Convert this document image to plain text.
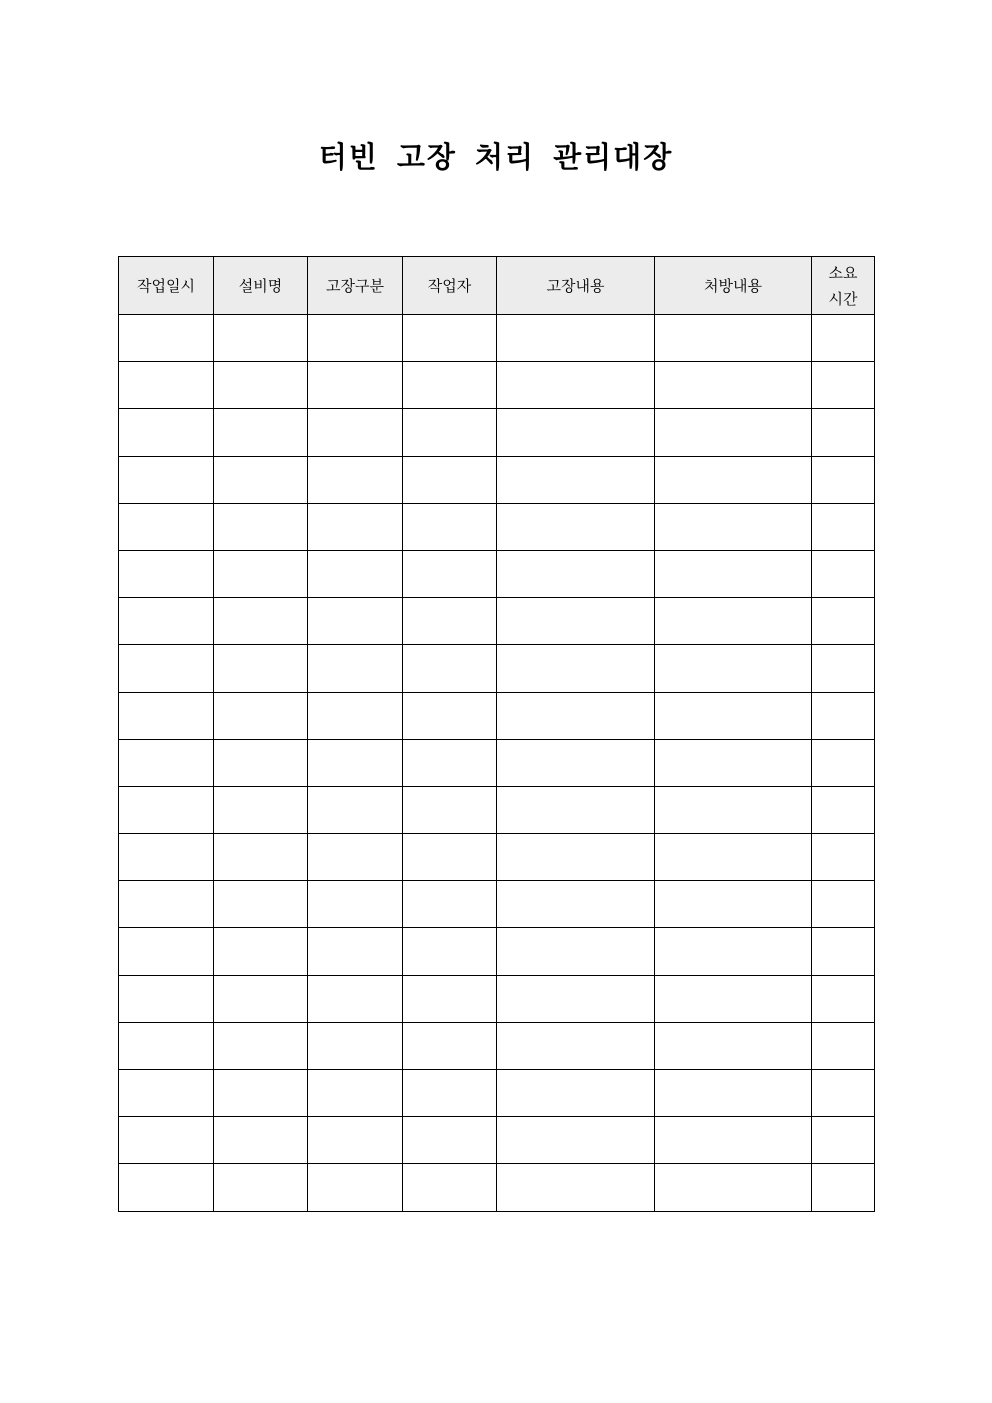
터빈 고장 처리 관리대장
작업일시	설비명	고장구분	작업자	고장내용	처방내용	소요
시간
